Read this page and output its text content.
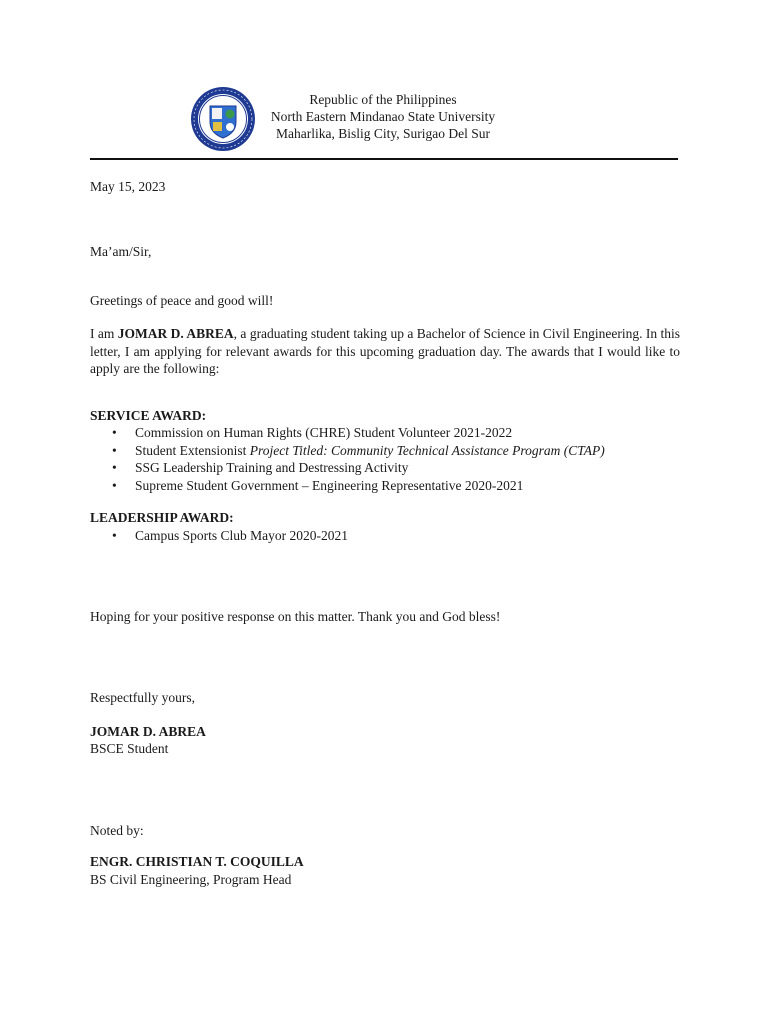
Republic of the Philippines
North Eastern Mindanao State University
Maharlika, Bislig City, Surigao Del Sur
May 15, 2023
Ma’am/Sir,
Greetings of peace and good will!
I am JOMAR D. ABREA, a graduating student taking up a Bachelor of Science in Civil Engineering. In this letter, I am applying for relevant awards for this upcoming graduation day. The awards that I would like to apply are the following:
SERVICE AWARD:
• Commission on Human Rights (CHRE) Student Volunteer 2021-2022
• Student Extensionist Project Titled: Community Technical Assistance Program (CTAP)
• SSG Leadership Training and Destressing Activity
• Supreme Student Government – Engineering Representative 2020-2021
LEADERSHIP AWARD:
• Campus Sports Club Mayor 2020-2021
Hoping for your positive response on this matter. Thank you and God bless!
Respectfully yours,
JOMAR D. ABREA
BSCE Student
Noted by:
ENGR. CHRISTIAN T. COQUILLA
BS Civil Engineering, Program Head
